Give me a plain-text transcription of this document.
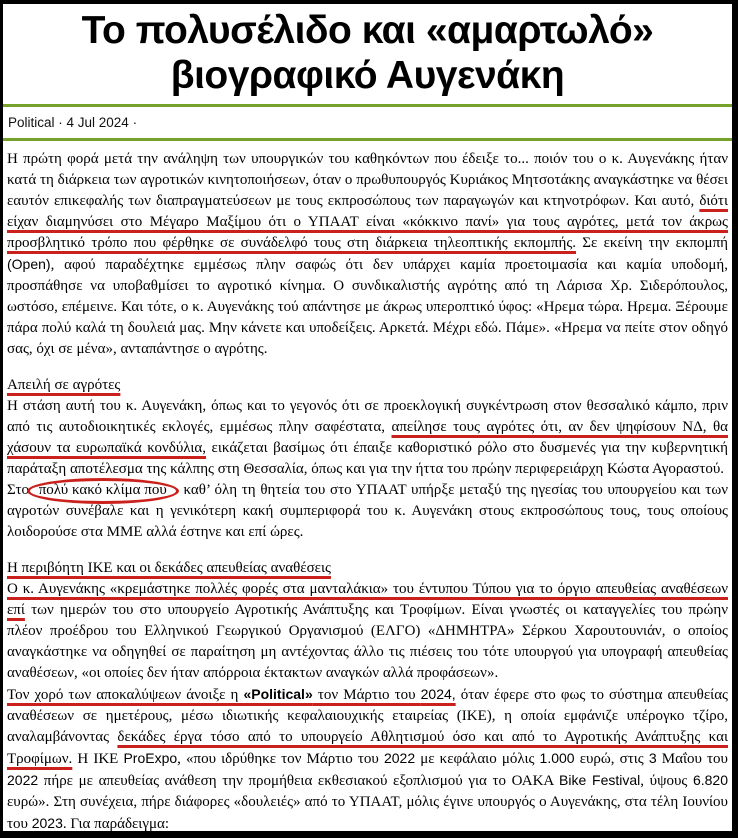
Το πολυσέλιδο και «αμαρτωλό» βιογραφικό Αυγενάκη
Political · 4 Jul 2024 ·

Η πρώτη φορά μετά την ανάληψη των υπουργικών του καθηκόντων που έδειξε το... ποιόν του ο κ. Αυγενάκης ήταν κατά τη διάρκεια των αγροτικών κινητοποιήσεων, όταν ο πρωθυπουργός Κυριάκος Μητσοτάκης αναγκάστηκε να θέσει εαυτόν επικεφαλής των διαπραγματεύσεων με τους εκπροσώπους των παραγωγών και κτηνοτρόφων. Και αυτό, διότι είχαν διαμηνύσει στο Μέγαρο Μαξίμου ότι ο ΥΠΑΑΤ είναι «κόκκινο πανί» για τους αγρότες, μετά τον άκρως προσβλητικό τρόπο που φέρθηκε σε συνάδελφό τους στη διάρκεια τηλεοπτικής εκπομπής. Σε εκείνη την εκπομπή (Open), αφού παραδέχτηκε εμμέσως πλην σαφώς ότι δεν υπάρχει καμία προετοιμασία και καμία υποδομή, προσπάθησε να υποβαθμίσει το αγροτικό κίνημα. Ο συνδικαλιστής αγρότης από τη Λάρισα Χρ. Σιδερόπουλος, ωστόσο, επέμεινε. Και τότε, ο κ. Αυγενάκης τού απάντησε με άκρως υπεροπτικό ύφος: «Ηρεμα τώρα. Ηρεμα. Ξέρουμε πάρα πολύ καλά τη δουλειά μας. Μην κάνετε και υποδείξεις. Αρκετά. Μέχρι εδώ. Πάμε». «Ηρεμα να πείτε στον οδηγό σας, όχι σε μένα», ανταπάντησε ο αγρότης.

Απειλή σε αγρότες

Η στάση αυτή του κ. Αυγενάκη, όπως και το γεγονός ότι σε προεκλογική συγκέντρωση στον θεσσαλικό κάμπο, πριν από τις αυτοδιοικητικές εκλογές, εμμέσως πλην σαφέστατα, απείλησε τους αγρότες ότι, αν δεν ψηφίσουν ΝΔ, θα χάσουν τα ευρωπαϊκά κονδύλια, εικάζεται βασίμως ότι έπαιξε καθοριστικό ρόλο στο δυσμενές για την κυβερνητική παράταξη αποτέλεσμα της κάλπης στη Θεσσαλία, όπως και για την ήττα του πρώην περιφερειάρχη Κώστα Αγοραστού.

Στο πολύ κακό κλίμα που καθ’ όλη τη θητεία του στο ΥΠΑΑΤ υπήρξε μεταξύ της ηγεσίας του υπουργείου και των αγροτών συνέβαλε και η γενικότερη κακή συμπεριφορά του κ. Αυγενάκη στους εκπροσώπους τους, τους οποίους λοιδορούσε στα ΜΜΕ αλλά έστηνε και επί ώρες.

Η περιβόητη ΙΚΕ και οι δεκάδες απευθείας αναθέσεις

Ο κ. Αυγενάκης «κρεμάστηκε πολλές φορές στα μανταλάκια» του έντυπου Τύπου για το όργιο απευθείας αναθέσεων επί των ημερών του στο υπουργείο Αγροτικής Ανάπτυξης και Τροφίμων. Είναι γνωστές οι καταγγελίες του πρώην πλέον προέδρου του Ελληνικού Γεωργικού Οργανισμού (ΕΛΓΟ) «ΔΗΜΗΤΡΑ» Σέρκου Χαρουτουνιάν, ο οποίος αναγκάστηκε να οδηγηθεί σε παραίτηση μη αντέχοντας άλλο τις πιέσεις του τότε υπουργού για υπογραφή απευθείας αναθέσεων, «οι οποίες δεν ήταν απόρροια έκτακτων αναγκών αλλά προφάσεων».

Τον χορό των αποκαλύψεων άνοιξε η «Political» τον Μάρτιο του 2024, όταν έφερε στο φως το σύστημα απευθείας αναθέσεων σε ημετέρους, μέσω ιδιωτικής κεφαλαιουχικής εταιρείας (ΙΚΕ), η οποία εμφάνιζε υπέρογκο τζίρο, αναλαμβάνοντας δεκάδες έργα τόσο από το υπουργείο Αθλητισμού όσο και από το Αγροτικής Ανάπτυξης και Τροφίμων. Η ΙΚΕ ProExpo, «που ιδρύθηκε τον Μάρτιο του 2022 με κεφάλαιο μόλις 1.000 ευρώ, στις 3 Μαΐου του 2022 πήρε με απευθείας ανάθεση την προμήθεια εκθεσιακού εξοπλισμού για το ΟΑΚΑ Bike Festival, ύψους 6.820 ευρώ». Στη συνέχεια, πήρε διάφορες «δουλειές» από το ΥΠΑΑΤ, μόλις έγινε υπουργός ο Αυγενάκης, στα τέλη Ιουνίου του 2023. Για παράδειγμα:
